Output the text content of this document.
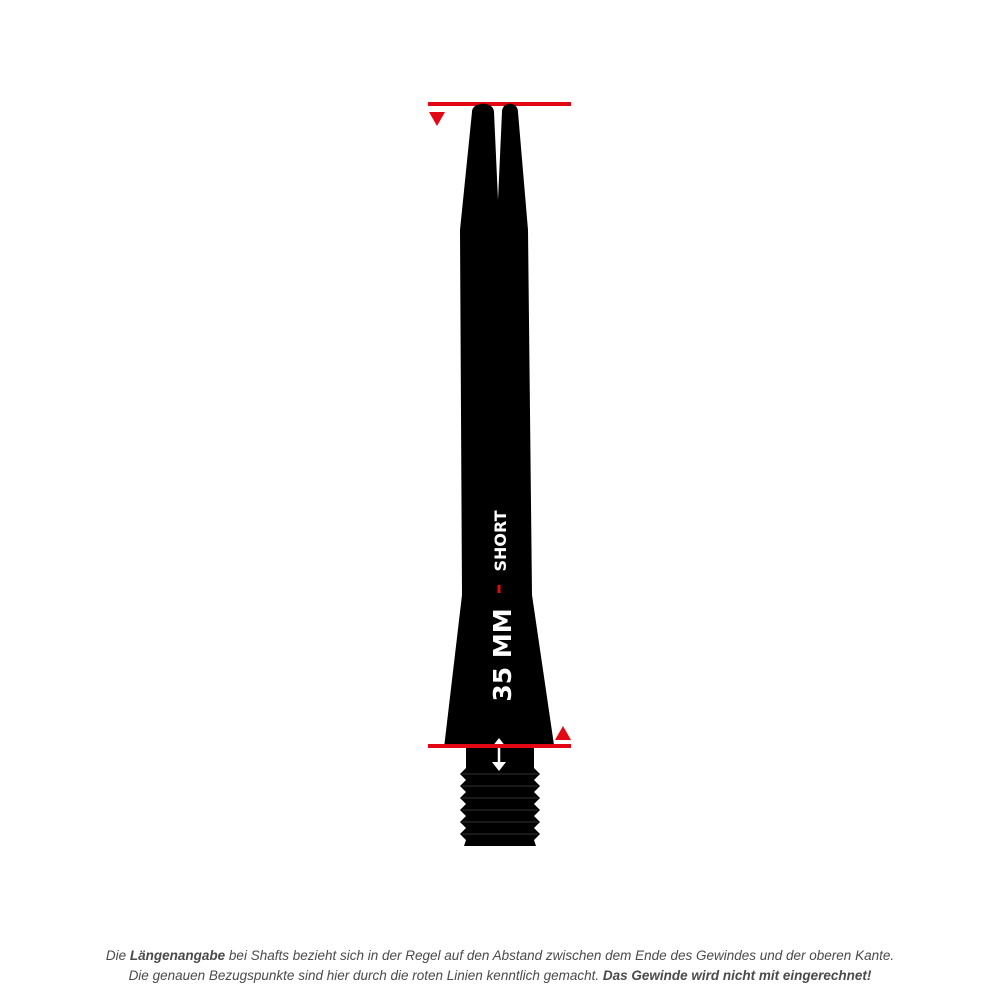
SHORT
35 MM
Die Längenangabe bei Shafts bezieht sich in der Regel auf den Abstand zwischen dem Ende des Gewindes und der oberen Kante.
Die genauen Bezugspunkte sind hier durch die roten Linien kenntlich gemacht. Das Gewinde wird nicht mit eingerechnet!
